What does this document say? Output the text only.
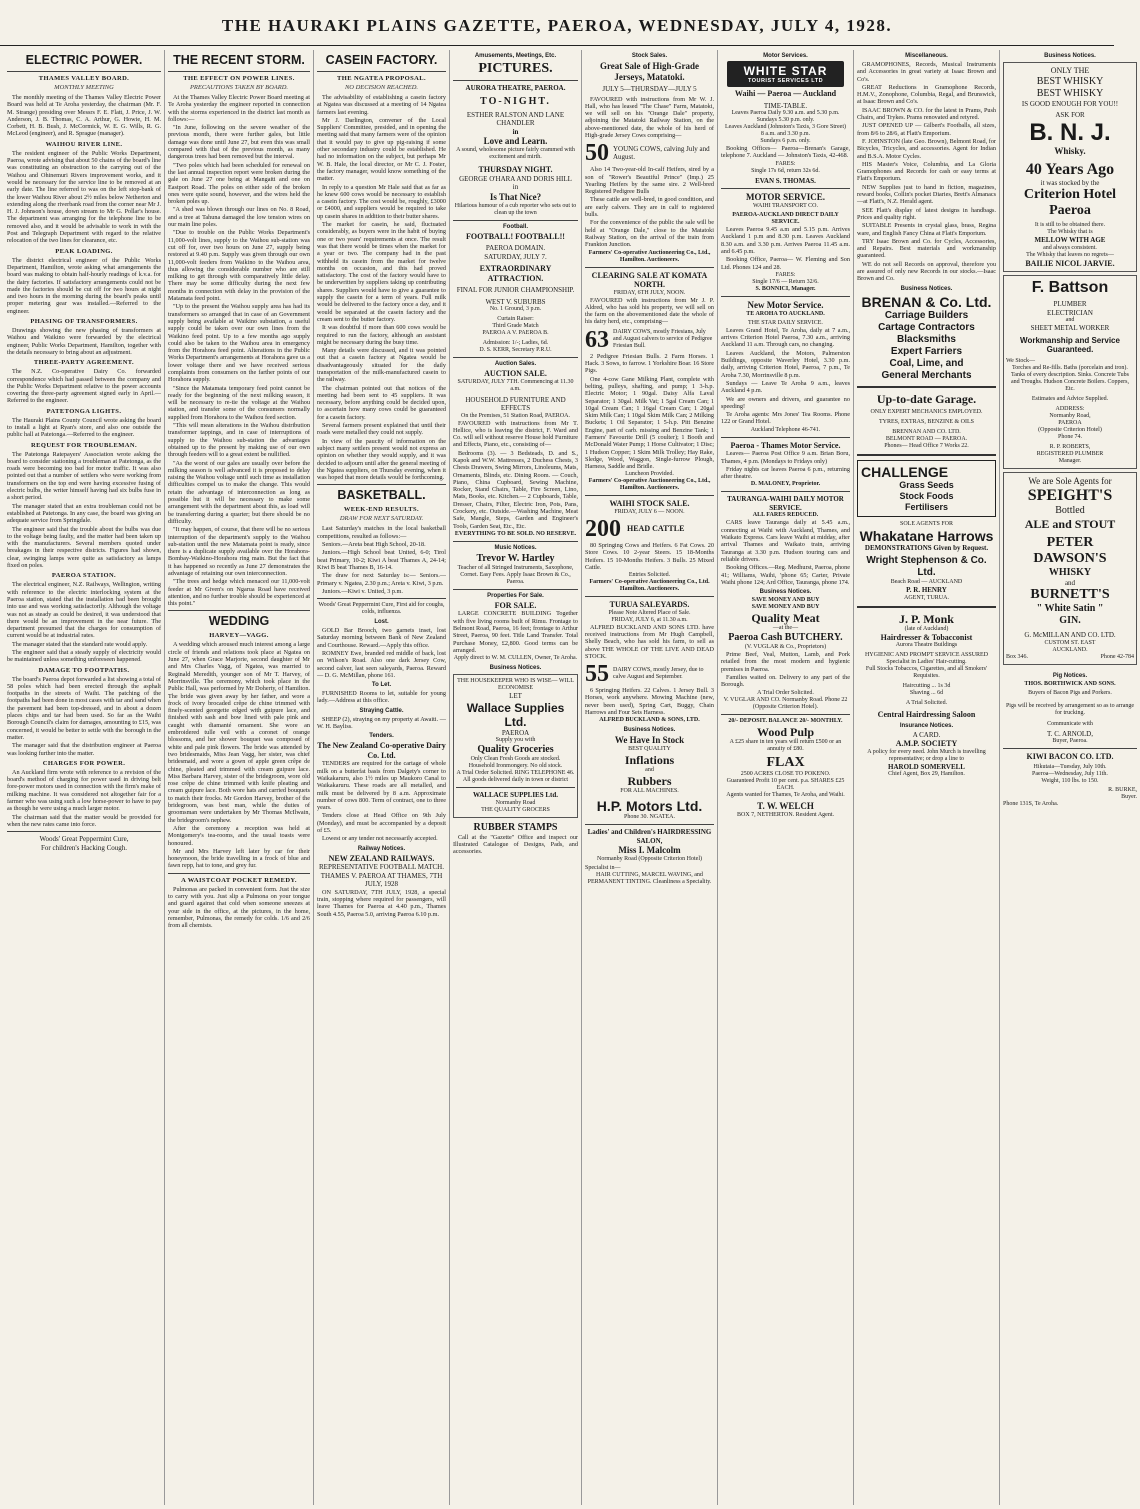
THE HAURAKI PLAINS GAZETTE, PAEROA, WEDNESDAY, JULY 4, 1928.
ELECTRIC POWER.
THAMES VALLEY BOARD.
MONTHLY MEETING

The monthly meeting of the Thames Valley Electric Power Board was held at Te Aroha yesterday, the chairman (Mr. F. M. Strange) presiding over Messrs F. E. Flatt, J. Price, J. W. Anderson, J. B. Thomas, C. A. Arthur, G. Howie, H. M. Corbett, H. B. Bush, J. McCormick, W. E. G. Wills, R. G. McLeod (engineer), and R. Sprague (manager).

WAIHOU RIVER LINE.

The resident engineer of the Public Works Department, Paeroa, wrote advising that about 50 chains of the board's line was constituting an obstruction to the carrying out of the Waihou and Ohinemuri Rivers improvement works, and it would be necessary for the service line to be removed at an early date. The line referred to was on the left stop-bank of the lower Waihou River about 2½ miles below Netherton and extending along the riverbank road from the corner near Mr J. H. J. Johnson's house, down stream to Mr G. Pollar's house. The department was arranging for the telephone line to be removed also, and it would be advisable to work in with the Post and Telegraph Department with regard to the relative relocation of the two lines for clearance, etc.

PEAK LOADING.

The district electrical engineer of the Public Works Department, Hamilton, wrote asking what arrangements the board was making to obtain half-hourly readings of k.v.a. for the dairy factories. If satisfactory arrangements could not be made the factories should be cut off for two hours at night and two hours in the morning during the board's peaks until proper metering gear was installed.—Referred to the engineer.

PHASING OF TRANSFORMERS.

Drawings showing the new phasing of transformers at Waihou and Waikino were forwarded by the electrical engineer, Public Works Department, Hamilton, together with the details necessary to bring about an adjustment.

THREE-PARTY AGREEMENT.

The N.Z. Co-operative Dairy Co. forwarded correspondence which had passed between the company and the Public Works Department relative to the power accounts covering the three-party agreement signed early in April.—Referred to the engineer.

PATETONGA LIGHTS.

The Hauraki Plains County Council wrote asking the board to install a light at Ryan's store, and also one outside the public hall at Patetonga.—Referred to the engineer.

REQUEST FOR TROUBLEMAN.

The Patetonga Ratepayers' Association wrote asking the board to consider stationing a troubleman at Patetonga, as the roads were becoming too bad for motor traffic. It was also pointed out that a number of settlers who were working from transformers on the top end were having excessive fusing of electric bulbs, the writer himself having had six bulbs fuse in a short period.

The manager stated that an extra troubleman could not be established at Patetonga. In any case, the board was giving an adequate service from Springdale.

The engineer said that the trouble about the bulbs was due to the voltage being faulty, and the matter had been taken up with the manufacturers. Several members quoted under breakages in their respective districts. Figures had shown, clear, swinging lamps were quite as satisfactory as lamps fixed on poles.

PAEROA STATION.

The electrical engineer, N.Z. Railways, Wellington, writing with reference to the electric interlocking system at the Paeroa station, stated that the installation had been brought into use and was working satisfactorily. Although the voltage was not as steady as could be desired, it was understood that there would be an improvement in the near future. The department presumed that the charges for consumption of current would be at industrial rates.

The manager stated that the standard rate would apply.

The engineer said that a steady supply of electricity would be maintained unless something unforeseen happened.

DAMAGE TO FOOTPATHS.

The board's Paeroa depot forwarded a list showing a total of 58 poles which had been erected through the asphalt footpaths in the streets of Waihi. The patching of the footpaths had been done in most cases with tar and sand when the pavement had been top-dressed, and in about a dozen places chips and tar had been used. So far as the Waihi Borough Council's claim for damages, amounting to £15, was concerned, it would be better to settle with the borough in the matter.

The manager said that the distribution engineer at Paeroa was looking further into the matter.

CHARGES FOR POWER.

An Auckland firm wrote with reference to a revision of the board's method of charging for power used in driving belt fore-power motors used in connection with the firm's make of milking machine. It was considered not altogether fair for a farmer who was using such a low horse-power to have to pay as though he were using a much larger motor.

The chairman said that the matter would be provided for when the new rates came into force.

Woods' Great Peppermint Cure,
For children's Hacking Cough.
THE RECENT STORM.
THE EFFECT ON POWER LINES.
PRECAUTIONS TAKEN BY BOARD.

At the Thames Valley Electric Power Board meeting at Te Aroha yesterday the engineer reported in connection with the storms experienced in the district last month as follows:—

"In June, following on the severe weather of the previous month, there were further gales, but little damage was done until June 27, but even this was small compared with that of the previous month, as many dangerous trees had been removed but the interval.

"Two poles which had been scheduled for renewal on the last annual inspection report were broken during the gale on June 27 one being at Mangaiti and one on Eastport Road. The poles on either side of the broken ones were quite sound, however, and the wires held the broken poles up.

"A shed was blown through our lines on No. 8 Road, and a tree at Tahuna damaged the low tension wires on our main line poles.

"Due to trouble on the Public Works Department's 11,000-volt lines, supply to the Waihou sub-station was cut off for, over two hours on June 27, supply being restored at 9.40 p.m. Supply was given through our own 11,000-volt feeders from Waikino to the Waihou area, thus allowing the considerable number who are still milking to get through with comparatively little delay. There may be some difficulty during the next few months in connection with delay in the provision of the Matamata feed point.

"Up to the present the Waihou supply area has had its transformers so arranged that in case of an Government supply being available at Waikino substation, a useful supply could be taken over our own lines from the Waikino feed point. Up to a few months ago supply could also be taken to the Waihou area in emergency from the Horahora feed point. Alterations in the Public Works Department's arrangements at Horahora gave us a lower voltage there and we have received serious complaints from consumers on the farther points of our Horahora supply.

"Since the Matamata temporary feed point cannot be ready for the beginning of the next milking season, it will be necessary to re-tie the voltage at the Waihou station, and transfer some of the consumers normally supplied from Horahora to the Waihou feed section.

"This will mean alterations in the Waihou distribution transformer tappings, and in case of interruptions of supply to the Waihou sub-station the advantages obtained up to the present by making use of our own through feeders will to a great extent be nullified.

"As the worst of our gales are usually over before the milking season is well advanced it is proposed to delay raising the Waihou voltage until such time as installation difficulties compel us to make the change. This would retain the advantage of interconnection as long as possible but it will be necessary to make some arrangement with the department about this, as load will be transferring during a quarter; but there should be no difficulty.

"It may happen, of course, that there will be no serious interruption of the department's supply to the Waihou sub-station until the new Matamata point is ready, since there is a duplicate supply available over the Horahora-Bombay-Waikino-Horahora ring main. But the fact that it has happened so recently as June 27 demonstrates the advantage of retaining our own interconnection.

"The trees and hedge which menaced our 11,000-volt feeder at Mr Given's on Ngarua Road have received attention, and no further trouble should be experienced at this point."

WEDDING
HARVEY—VAGG.

A wedding which aroused much interest among a large circle of friends and relations took place at Ngatea on June 27, when Grace Marjorie, second daughter of Mr and Mrs Charles Vagg, of Ngatea, was married to Reginald Meredith, younger son of Mr T. Harvey, of Morrinsville. The ceremony, which took place in the Public Hall, was performed by Mr Doherty, of Hamilton. The bride was given away by her father, and wore a frock of ivory brocaded crêpe de chine trimmed with finely-scented georgette edged with guipure lace, and finished with sash and bow lined with pale pink and caught with diamanté ornament. She wore an embroidered tulle veil with a coronet of orange blossoms, and her shower bouquet was composed of white and pale pink flowers. The bride was attended by two bridesmaids, Miss Jean Vagg, her sister, was chief bridesmaid, and wore a gown of apple green crêpe de chine, pleated and trimmed with cream guipure lace. Miss Barbara Harvey, sister of the bridegroom, wore old rose crêpe de chine trimmed with knife pleating and cream guipure lace. Both wore hats and carried bouquets to match their frocks. Mr Gordon Harvey, brother of the bridegroom, was best man, while the duties of groomsman were undertaken by Mr Thomas McIlwain, the bridegroom's nephew.

After the ceremony a reception was held at Montgomery's tea-rooms, and the usual toasts were honoured.

Mr and Mrs Harvey left later by car for their honeymoon, the bride travelling in a frock of blue and fawn repp, hat to tone, and grey fur.

A WAISTCOAT POCKET REMEDY.

Pulmonas are packed in convenient form. Just the size to carry with you. Just slip a Pulmona on your tongue and guard against that cold when someone sneezes at your side in the office, at the pictures, in the home, remember, Pulmonas, the remedy for colds. 1/6 and 2/6 from all chemists.

CASEIN FACTORY.
THE NGATEA PROPOSAL.
NO DECISION REACHED.

The advisability of establishing a casein factory at Ngatea was discussed at a meeting of 14 Ngatea farmers last evening.

Mr J. Darlington, convener of the Local Suppliers' Committee, presided, and in opening the meeting said that many farmers were of the opinion that it would pay to give up pig-raising if some other secondary industry could be established. He had no information on the subject, but perhaps Mr W. B. Hale, the local director, or Mr C. J. Foster, the factory manager, would know something of the matter.

In reply to a question Mr Hale said that as far as he knew 600 cows would be necessary to establish a casein factory. The cost would be, roughly, £3000 or £4000, and suppliers would be required to take up casein shares in addition to their butter shares.

The market for casein, he said, fluctuated considerably, as buyers were in the habit of buying one or two years' requirements at once. The result was that there would be times when the market for a year or two. The company had in the past withheld its casein from the market for twelve months on occasion, and this had proved satisfactory. The cost of the factory would have to be underwritten by suppliers taking up contributing shares. Suppliers would have to give a guarantee to supply the casein for a term of years. Full milk would be delivered to the factory once a day, and it would be separated at the casein factory and the cream sent to the butter factory.

It was doubtful if more than 600 cows would be required to run the factory, although an assistant might be necessary during the busy time.

Many details were discussed, and it was pointed out that a casein factory at Ngatea would be disadvantageously situated for the daily transportation of the milk-manufactured casein to the railway.

The chairman pointed out that notices of the meeting had been sent to 45 suppliers. It was necessary, before anything could be decided upon, to ascertain how many cows could be guaranteed for a casein factory.

Several farmers present explained that until their roads were metalled they could not supply.

In view of the paucity of information on the subject many settlers present would not express an opinion on whether they would supply, and it was decided to adjourn until after the general meeting of the Ngatea suppliers, on Thursday evening, when it was hoped that more details would be forthcoming.

BASKETBALL.
WEEK-END RESULTS.
DRAW FOR NEXT SATURDAY.

Last Saturday's matches in the local basketball competitions, resulted as follows:—

Seniors.—Areta beat High School, 20-18.

Juniors.—High School beat United, 6-0; Tirol beat Primary, 10-2; Kiwi A beat Thames A, 24-14; Kiwi B beat Thames B, 16-14.

The draw for next Saturday is:— Seniors.—Primary v. Ngatea, 2.30 p.m.; Areta v. Kiwi, 3 p.m.

Juniors.—Kiwi v. United, 3 p.m.

Woods' Great Peppermint Cure, First aid for coughs, colds, influenza.
Lost.

GOLD Bar Brooch, two garnets inset, lost Saturday morning between Bank of New Zealand and Courthouse. Reward.—Apply this office.

ROMNEY Ewe, branded red middle of back, lost on Wilson's Road. Also one dark Jersey Cow, second calver, last seen saleyards, Paeroa. Reward — D. G. McMillan, phone 161.

To Let.

FURNISHED Rooms to let, suitable for young lady.—Address at this office.

Straying Cattle.

SHEEP (2), straying on my property at Awaiti. — W. H. Bayliss.

Tenders.
The New Zealand Co-operative Dairy Co. Ltd.

TENDERS are required for the cartage of whole milk on a butterfat basis from Dalgety's corner to Waikakaruru, also 1½ miles up Maukoro Canal to Waikakaruru. These roads are all metalled, and milk must be delivered by 8 a.m. Approximate number of cows 800. Term of contract, one to three years.

Tenders close at Head Office on 9th July (Monday), and must be accompanied by a deposit of £5.

Lowest or any tender not necessarily accepted.

Railway Notices.
NEW ZEALAND RAILWAYS.
REPRESENTATIVE FOOTBALL MATCH.
THAMES V. PAEROA AT THAMES, 7TH JULY, 1928

ON SATURDAY, 7TH JULY, 1928, a special train, stopping where required for passengers, will leave Thames for Paeroa at 4.40 p.m., Thames South 4.55, Paeroa 5.0, arriving Paeroa 6.10 p.m.

Amusements, Meetings, Etc.
PICTURES.
AURORA THEATRE, PAEROA.
TO-NIGHT.
ESTHER RALSTON AND LANE CHANDLER
in
Love and Learn.
A sound, wholesome picture fairly crammed with excitement and mirth.
THURSDAY NIGHT.
GEORGE O'HARA AND DORIS HILL
in
Is That Nice?
Hilarious humour of a cub reporter who sets out to clean up the town
Football.
FOOTBALL! FOOTBALL!!
PAEROA DOMAIN.
SATURDAY, JULY 7.
EXTRAORDINARY ATTRACTION.
FINAL FOR JUNIOR CHAMPIONSHIP.
WEST V. SUBURBS
No. 1 Ground, 3 p.m.
Curtain Raiser:
Third Grade Match
PAEROA A V. PAEROA B.
Admission: 1/-; Ladies, 6d.
D. S. KERR, Secretary P.R.U.
Auction Sales.
AUCTION SALE.
SATURDAY, JULY 7TH. Commencing at 11.30 a.m.
HOUSEHOLD FURNITURE AND EFFECTS
On the Premises, 51 Station Road, PAEROA.

FAVOURED with instructions from Mr T. Hellice, who is leaving the district, F. Ward and Co. will sell without reserve House hold Furniture and Effects, Piano, etc., consisting of—

Bedrooms (3). — 3 Bedsteads, D. and S., Kapok and W.W. Mattresses, 2 Duchess Chests, 3 Chests Drawers, Swing Mirrors, Linoleums, Mats, Ornaments, Blinds, etc. Dining Room. — Couch, Piano, China Cupboard, Sewing Machine, Rocker, Stand Chairs, Table, Fire Screen, Lino, Mats, Books, etc. Kitchen.— 2 Cupboards, Table, Dresser, Chairs, Filter, Electric Iron, Pots, Pans, Crockery, etc. Outside.—Washing Machine, Meat Safe, Mangle, Steps, Garden and Engineer's Tools, Garden Seat, Etc., Etc.

EVERYTHING TO BE SOLD. NO RESERVE.
Music Notices.
Trevor W. Hartley
Teacher of all Stringed Instruments, Saxophone, Cornet. Easy Fees. Apply Isaac Brown & Co., Paeroa.
Properties For Sale.
FOR SALE.

LARGE CONCRETE BUILDING Together with five living rooms built of Rimu. Frontage to Belmont Road, Paeroa, 16 feet; frontage to Arthur Street, Paeroa, 90 feet. Title Land Transfer. Total Purchase Money, £2,800. Good terms can be arranged.

Apply direct to W. M. CULLEN, Owner, Te Aroha.
Business Notices.
THE HOUSEKEEPER WHO IS WISE— WILL ECONOMISE
LET
Wallace Supplies Ltd.
PAEROA
Supply you with
Quality Groceries
Only Clean Fresh Goods are stocked.
Household Ironmongery. No old stock.
A Trial Order Solicited. RING TELEPHONE 46.
All goods delivered daily in town or district
WALLACE SUPPLIES Ltd.
Normanby Road
THE QUALITY GROCERS
RUBBER STAMPS

Call at the "Gazette" Office and inspect our Illustrated Catalogue of Designs, Pads, and accessories.

Stock Sales.
Great Sale of High-Grade Jerseys, Matatoki.
JULY 5—THURSDAY—JULY 5

FAVOURED with instructions from Mr W. J. Hall, who has leased "The Chase" Farm, Matatoki, we will sell on his "Orange Dale" property, adjoining the Matatoki Railway Station, on the above-mentioned date, the whole of his herd of High-grade Jersey Cows comprising—

50 YOUNG COWS, calving July and August.

Also 14 Two-year-old In-calf Heifers, sired by a son of "Rower's Beautiful Prince" (Imp.) 25 Yearling Heifers by the same sire. 2 Well-bred Registered Pedigree Bulls

These cattle are well-bred, in good condition, and are early calvers. They are in calf to registered bulls.

For the convenience of the public the sale will be held at "Orange Dale," close to the Matatoki Railway Station, on the arrival of the train from Frankton Junction.

Farmers' Co-operative Auctioneering Co., Ltd., Hamilton. Auctioneers.
CLEARING SALE AT KOMATA NORTH.
FRIDAY, 6TH JULY, NOON.

FAVOURED with instructions from Mr J. P. Aldred, who has sold his property, we will sell on the farm on the abovementioned date the whole of his dairy herd, etc., comprising—

63 DAIRY COWS, mostly Friesians, July and August calvers to service of Pedigree Friesian Bull.

2 Pedigree Friesian Bulls. 2 Farm Horses. 1 Hack. 3 Sows, to farrow. 1 Yorkshire Boar. 16 Store Pigs.

One 4-cow Gane Milking Plant, complete with belting, pulleys, shafting, and pump; 1 3-h.p. Electric Motor; 1 90gal. Daisy Alfa Laval Separator; 1 30gal. Milk Vat; 1 5gal Cream Can; 1 10gal Cream Can; 1 16gal Cream Can; 1 20gal Skim Milk Can; 1 10gal Skim Milk Can; 2 Milking Buckets; 1 Oil Separator; 1 5-h.p. Pitt Benzine Engine, part of carb. missing and Benzine Tank; 1 Farmers' Favourite Drill (5 coulter); 1 Booth and McDonald Water Pump; 1 Horse Cultivator; 1 Disc; 1 Hudson Copper; 1 Skim Milk Trolley; Hay Rake, Sledge, Wood, Waggon, Single-furrow Plough, Harness, Saddle and Bridle.

Luncheon Provided.
Farmers' Co-operative Auctioneering Co., Ltd., Hamilton. Auctioneers.
WAIHI STOCK SALE.
FRIDAY, JULY 6 — NOON.
200 HEAD CATTLE

80 Springing Cows and Heifers. 6 Fat Cows. 20 Store Cows. 10 2-year Steers. 15 18-Months Heifers. 15 10-Months Heifers. 3 Bulls. 25 Mixed Cattle.

Entries Solicited.
Farmers' Co-operative Auctioneering Co., Ltd. Hamilton. Auctioneers.
TURUA SALEYARDS.
Please Note Altered Place of Sale.
FRIDAY, JULY 6, at 11.30 a.m.

ALFRED BUCKLAND AND SONS LTD. have received instructions from Mr Hugh Campbell, Shelly Beach, who has sold his farm, to sell as above THE WHOLE OF THE LIVE AND DEAD STOCK.

55 DAIRY COWS, mostly Jersey, due to calve August and September.

6 Springing Heifers. 22 Calves. 1 Jersey Bull. 3 Horses, work anywhere. Mowing Machine (new, never been used), Spring Cart, Buggy, Chain Harrows and Four Sets Harness.

ALFRED BUCKLAND & SONS, LTD.
Business Notices.
We Have In Stock
BEST QUALITY
Inflations
and
Rubbers
FOR ALL MACHINES.
H.P. Motors Ltd.
Phone 30. NGATEA.
Ladies' and Children's HAIRDRESSING SALON,
Miss I. Malcolm
Normanby Road (Opposite Criterion Hotel)
Specialist in—
HAIR CUTTING, MARCEL WAVING, and PERMANENT TINTING. Cleanliness a Speciality.
Motor Services.
WHITE STAR
TOURIST SERVICES LTD
Waihi — Paeroa — Auckland
TIME-TABLE.
Leaves Paeroa Daily 9.30 a.m. and 5.30 p.m.
Sundays 5.30 p.m. only.
Leaves Auckland (Johnston's Taxis, 3 Gore Street)
8 a.m. and 3.30 p.m.
Sundays 6 p.m. only.

Booking Offices— Paeroa—Brenan's Garage, telephone 7. Auckland — Johnston's Taxis, 42-468.

FARES:
Single 17s 6d, return 32s 6d.
EVAN S. THOMAS.
MOTOR SERVICE.
WAIHI TRANSPORT CO.
PAEROA-AUCKLAND DIRECT DAILY SERVICE.

Leaves Paeroa 9.45 a.m and 5.15 p.m. Arrives Auckland 1 p.m and 8.30 p.m. Leaves Auckland 8.30 a.m. and 3.30 p.m. Arrives Paeroa 11.45 a.m. and 6.45 p.m.

Booking Office, Paeroa— W. Fleming and Son Ltd. Phones 124 and 28.

FARES:
Single 17/6 — Return 32/6.
S. BONNICI, Manager.
New Motor Service.
TE AROHA TO AUCKLAND.
THE STAR DAILY SERVICE.

Leaves Grand Hotel, Te Aroha, daily at 7 a.m., arrives Criterion Hotel Paeroa, 7.30 a.m., arriving Auckland 11 a.m. Through cars, no changing.

Leaves Auckland, the Motors, Palmerston Buildings, opposite Waverley Hotel, 3.30 p.m. daily, arriving Criterion Hotel, Paeroa, 7 p.m., Te Aroha 7.30, Morrinsville 8 p.m.

Sundays — Leave Te Aroha 9 a.m., leaves Auckland 4 p.m.

We are owners and drivers, and guarantee no speeding!

Te Aroha agents: Mrs Jones' Tea Rooms. Phone 122 or Grand Hotel.

Auckland Telephone 46-741.
Paeroa - Thames Motor Service.

Leaves— Paeroa Post Office 9 a.m. Brian Boru, Thames, 4 p.m. (Mondays to Fridays only)

Friday nights car leaves Paeroa 6 p.m., returning after theatre.

D. MALONEY, Proprietor.
TAURANGA-WAIHI DAILY MOTOR SERVICE.
ALL FARES REDUCED.

CARS leave Tauranga daily at 5.45 a.m., connecting at Waihi with Auckland, Thames, and Waikato Express. Cars leave Waihi at midday, after arrival Thames and Waikato train, arriving Tauranga at 3.30 p.m. Hudson touring cars and reliable drivers.

Booking Offices.—Reg. Medhurst, Paeroa, phone 41; Williams, Waihi, 'phone 65; Carter, Private Waihi phone 124; Ard Office, Tauranga, phone 174.

Business Notices.
SAVE MONEY AND BUY
SAVE MONEY AND BUY
Quality Meat
—at the—
Paeroa Cash BUTCHERY.
(V. VUGLAR & Co., Proprietors)

Prime Beef, Veal, Mutton, Lamb, and Pork retailed from the most modern and hygienic premises in Paeroa.

Families waited on. Delivery to any part of the Borough.

A Trial Order Solicited.
V. VUGLAR AND CO. Normanby Road. Phone 22 (Opposite Criterion Hotel).
20/- DEPOSIT. BALANCE 20/- MONTHLY.
Wood Pulp
A £25 share in ten years will return £500 or an annuity of £80.
FLAX
2500 ACRES CLOSE TO POKENO.
Guaranteed Profit 10 per cent. p.a. SHARES £25 EACH.
Agents wanted for Thames, Te Aroha, and Waihi.
T. W. WELCH
BOX 7, NETHERTON. Resident Agent.
Miscellaneous.

GRAMOPHONES, Records, Musical Instruments and Accessories in great variety at Isaac Brown and Co's.

GREAT Reductions in Gramophone Records, H.M.V., Zonophone, Columbia, Regal, and Brunswick, at Isaac Brown and Co's.

ISAAC BROWN & CO. for the latest in Prams, Push Chairs, and Trykes. Prams renovated and retyred.

JUST OPENED UP — Gilbert's Footballs, all sizes, from 8/6 to 28/6, at Flatt's Emporium.

F. JOHNSTON (late Geo. Brown), Belmont Road, for Bicycles, Tricycles, and accessories. Agent for Indian and B.S.A. Motor Cycles.

HIS Master's Voice, Columbia, and La Gloria Gramophones and Records for cash or easy terms at Flatt's Emporium.

NEW Supplies just to hand in fiction, magazines, reward books, Collin's pocket Diaries, Brett's Almanacs—at Flatt's, N.Z. Herald agent.

SEE Flatt's display of latest designs in handbags. Prices and quality right.

SUITABLE Presents in crystal glass, brass, Regina ware, and English Fancy China at Flatt's Emporium.

TRY Isaac Brown and Co. for Cycles, Accessories, and Repairs. Best materials and workmanship guaranteed.

WE do not sell Records on approval, therefore you are assured of only new Records in our stocks.—Isaac Brown and Co.

Business Notices.
BRENAN & Co. Ltd.
Carriage Builders
Cartage Contractors
Blacksmiths
Expert Farriers
Coal, Lime, and
General Merchants
Up-to-date Garage.
ONLY EXPERT MECHANICS EMPLOYED.
TYRES, EXTRAS, BENZINE & OILS
BRENNAN AND CO. LTD.
BELMONT ROAD — PAEROA.
Phones— Head Office 7 Works 22.
CHALLENGE
Grass Seeds
Stock Foods
Fertilisers
SOLE AGENTS FOR
Whakatane Harrows
DEMONSTRATIONS Given by Request.
Wright Stephenson & Co. Ltd.
Beach Road — AUCKLAND
P. R. HENRY
AGENT, TURUA.
J. P. Monk
(late of Auckland)
Hairdresser & Tobacconist
Aurora Theatre Buildings
HYGIENIC AND PROMPT SERVICE ASSURED
Specialist in Ladies' Hair-cutting.
Full Stocks Tobaccos, Cigarettes, and all Smokers' Requisites.
Haircutting ... 1s 3d
Shaving ... 6d
A Trial Solicited.
Central Hairdressing Saloon
Insurance Notices.
A CARD.
A.M.P. SOCIETY
A policy for every need. John Murch is travelling representative; or drop a line to
HAROLD SOMERVELL
Chief Agent, Box 29, Hamilton.
Business Notices.
ONLY THE
BEST WHISKY
BEST WHISKY
IS GOOD ENOUGH FOR YOU!!
ASK FOR
B. N. J.
Whisky.
40 Years Ago
it was stocked by the
Criterion Hotel
Paeroa
It is still to be obtained there.
The Whisky that is
MELLOW WITH AGE
and always consistent.
The Whisky that leaves no regrets—
BAILIE NICOL JARVIE.
F. Battson
PLUMBER
ELECTRICIAN
and
SHEET METAL WORKER
Workmanship and Service Guaranteed.
We Stock—
Torches and Re-fills. Baths (porcelain and iron). Tanks of every description. Sinks. Concrete Tubs and Troughs. Hudson Concrete Boilers. Coppers, Etc.
Estimates and Advice Supplied.
ADDRESS:
Normanby Road,
PAEROA
(Opposite Criterion Hotel)
Phone 74.
R. P. ROBERTS,
REGISTERED PLUMBER
Manager.
We are Sole Agents for
SPEIGHT'S
Bottled
ALE and STOUT
PETER
DAWSON'S
WHISKY
and
BURNETT'S
" White Satin "
GIN.
G. McMILLAN AND CO. LTD.
CUSTOM ST. EAST
AUCKLAND.
Box 346.	Phone 42-784
Pig Notices.
THOS. BORTHWICK AND SONS.
Buyers of Bacon Pigs and Porkers.
Pigs will be received by arrangement so as to arrange for trucking.
Communicate with
T. C. ARNOLD,
Buyer, Paeroa.
KIWI BACON CO. LTD.
Hikutaia—Tuesday, July 10th.
Paeroa—Wednesday, July 11th.
Weight, 110 lbs. to 150.
R. BURKE,
Buyer.
Phone 131S, Te Aroha.
